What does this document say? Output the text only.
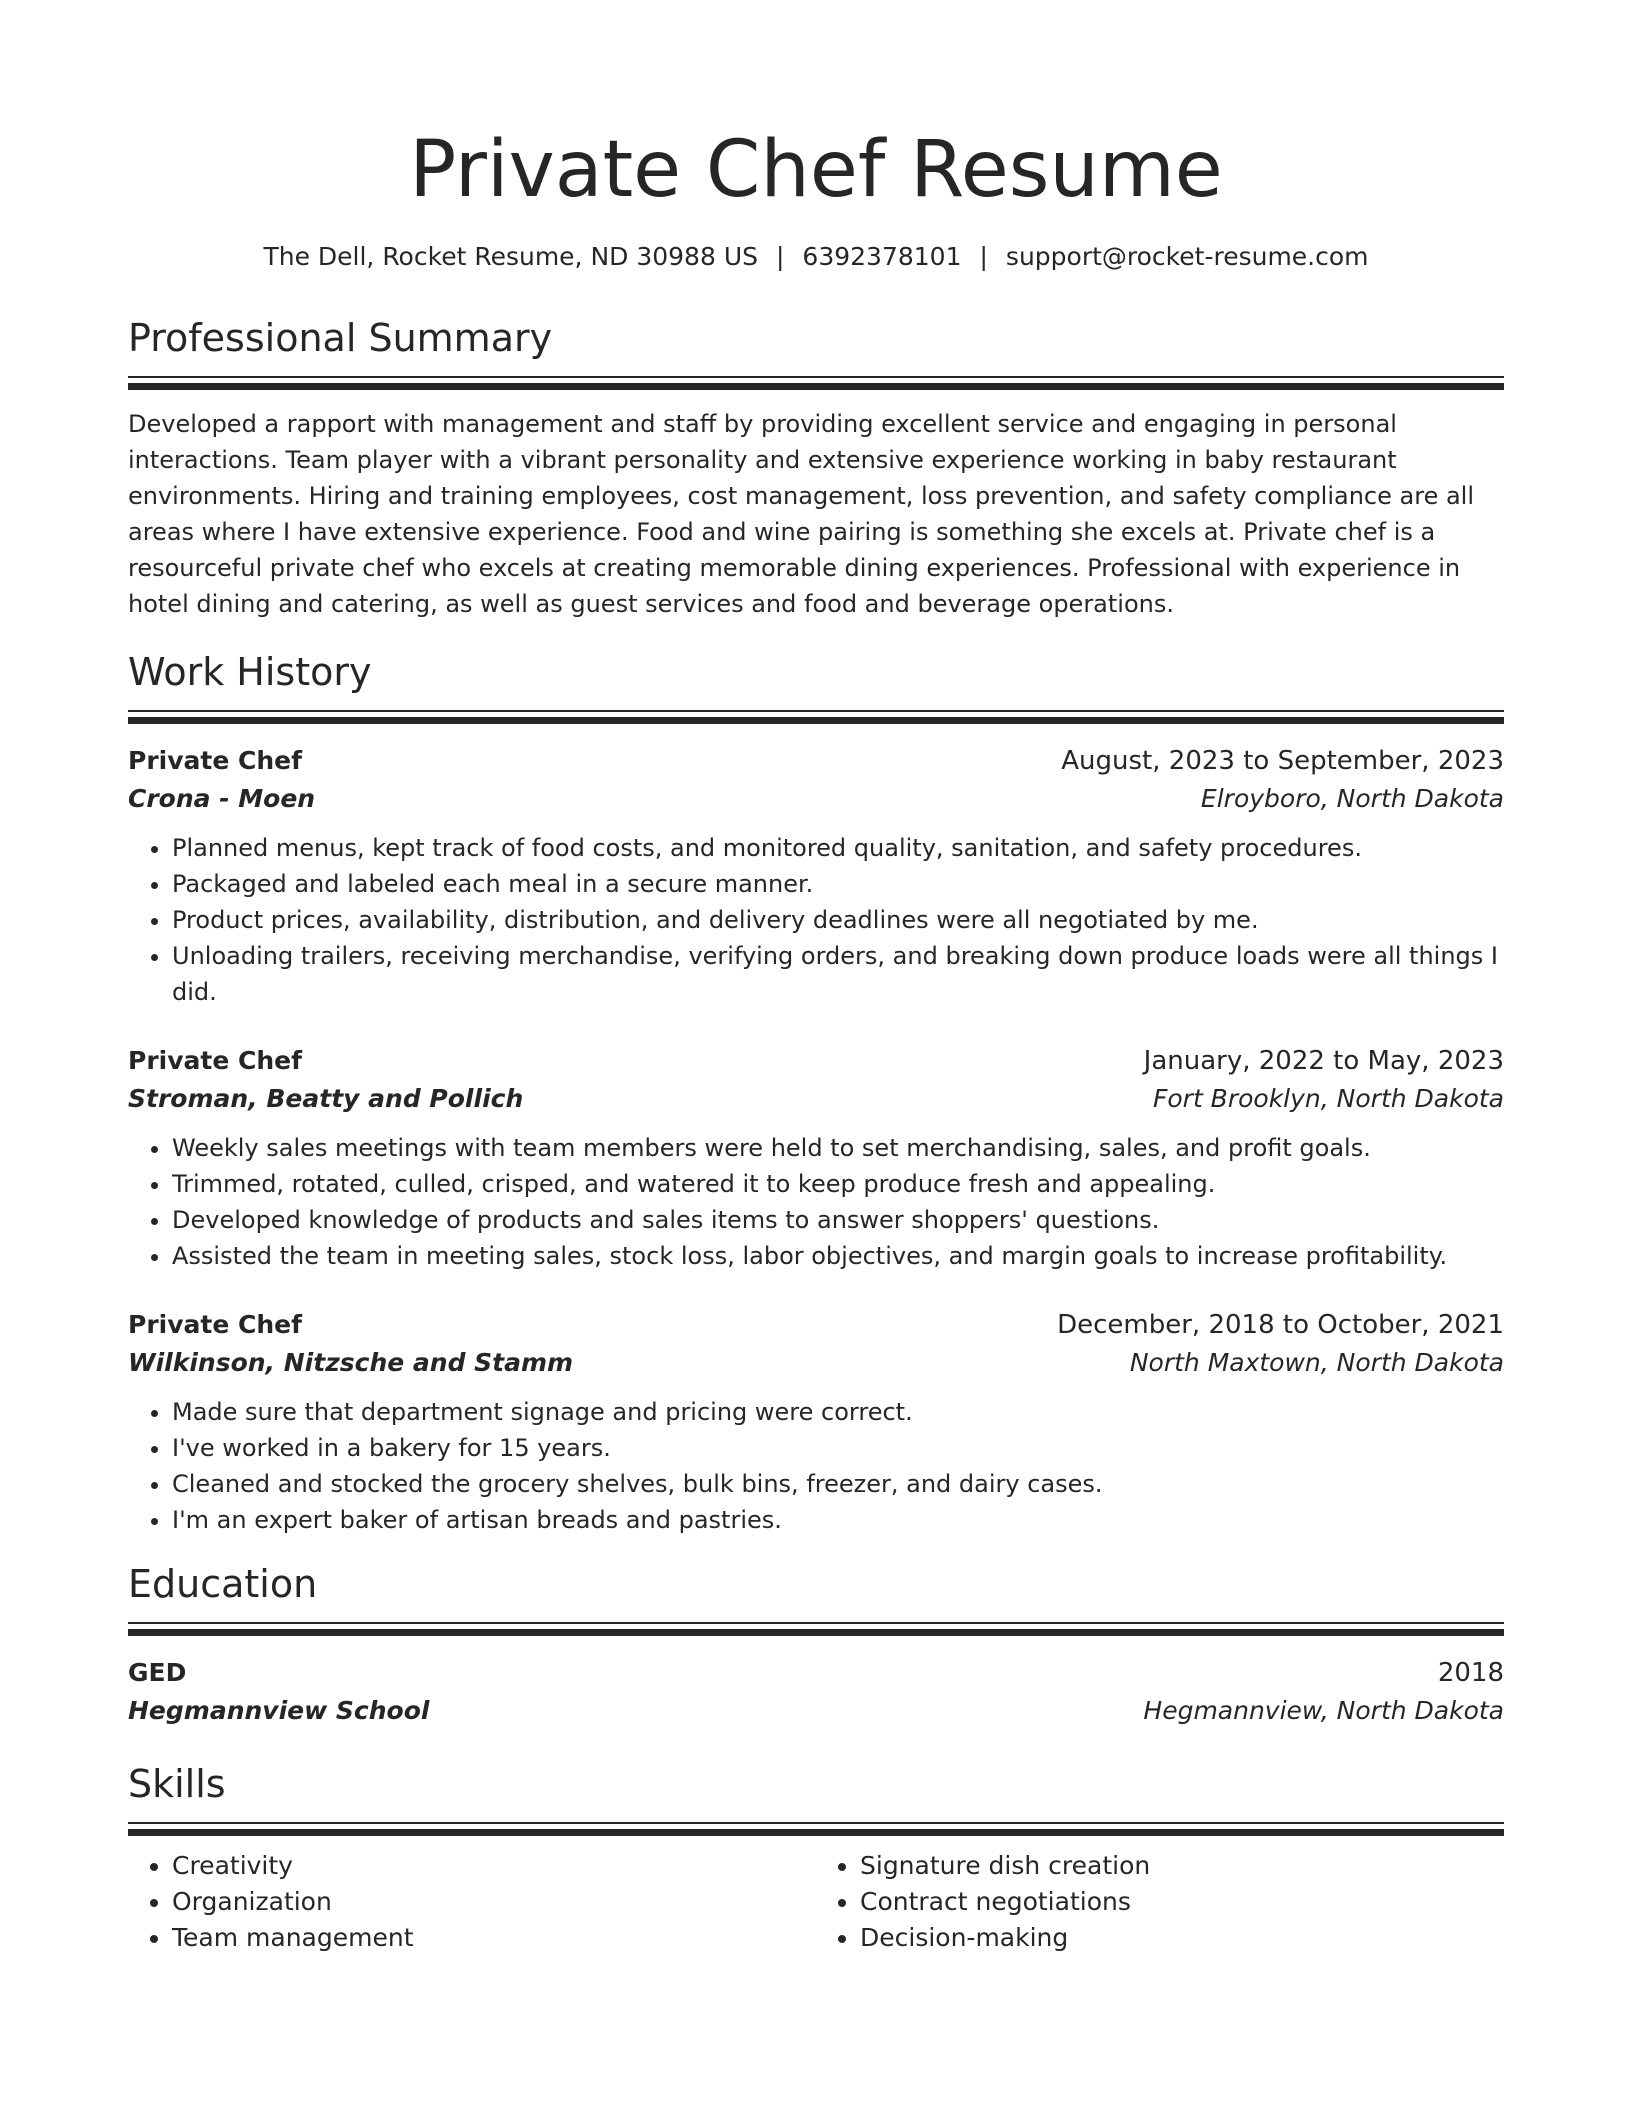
Private Chef Resume
The Dell, Rocket Resume, ND 30988 US | 6392378101 | support@rocket-resume.com
Professional Summary
Developed a rapport with management and staff by providing excellent service and engaging in personal interactions. Team player with a vibrant personality and extensive experience working in baby restaurant environments. Hiring and training employees, cost management, loss prevention, and safety compliance are all areas where I have extensive experience. Food and wine pairing is something she excels at. Private chef is a resourceful private chef who excels at creating memorable dining experiences. Professional with experience in hotel dining and catering, as well as guest services and food and beverage operations.
Work History
Private Chef	August, 2023 to September, 2023
Crona - Moen	Elroyboro, North Dakota
• Planned menus, kept track of food costs, and monitored quality, sanitation, and safety procedures.
• Packaged and labeled each meal in a secure manner.
• Product prices, availability, distribution, and delivery deadlines were all negotiated by me.
• Unloading trailers, receiving merchandise, verifying orders, and breaking down produce loads were all things I did.
Private Chef	January, 2022 to May, 2023
Stroman, Beatty and Pollich	Fort Brooklyn, North Dakota
• Weekly sales meetings with team members were held to set merchandising, sales, and profit goals.
• Trimmed, rotated, culled, crisped, and watered it to keep produce fresh and appealing.
• Developed knowledge of products and sales items to answer shoppers' questions.
• Assisted the team in meeting sales, stock loss, labor objectives, and margin goals to increase profitability.
Private Chef	December, 2018 to October, 2021
Wilkinson, Nitzsche and Stamm	North Maxtown, North Dakota
• Made sure that department signage and pricing were correct.
• I've worked in a bakery for 15 years.
• Cleaned and stocked the grocery shelves, bulk bins, freezer, and dairy cases.
• I'm an expert baker of artisan breads and pastries.
Education
GED	2018
Hegmannview School	Hegmannview, North Dakota
Skills
• Creativity
• Organization
• Team management
• Signature dish creation
• Contract negotiations
• Decision-making
